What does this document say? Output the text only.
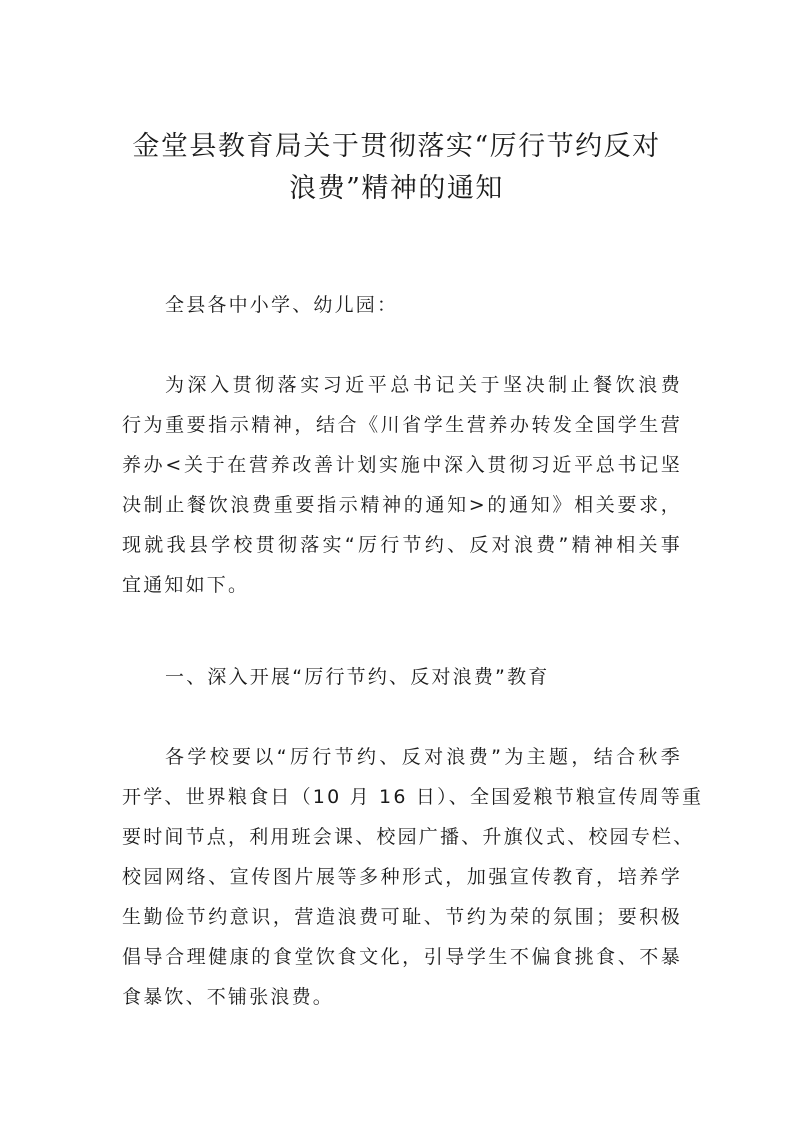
金堂县教育局关于贯彻落实“厉行节约反对
浪费”精神的通知
全县各中小学、幼儿园：
为深入贯彻落实习近平总书记关于坚决制止餐饮浪费
行为重要指示精神，结合《川省学生营养办转发全国学生营
养办<关于在营养改善计划实施中深入贯彻习近平总书记坚
决制止餐饮浪费重要指示精神的通知>的通知》相关要求，
现就我县学校贯彻落实“厉行节约、反对浪费”精神相关事
宜通知如下。
一、深入开展“厉行节约、反对浪费”教育
各学校要以“厉行节约、反对浪费”为主题，结合秋季
开学、世界粮食日（10 月 16 日）、全国爱粮节粮宣传周等重
要时间节点，利用班会课、校园广播、升旗仪式、校园专栏、
校园网络、宣传图片展等多种形式，加强宣传教育，培养学
生勤俭节约意识，营造浪费可耻、节约为荣的氛围；要积极
倡导合理健康的食堂饮食文化，引导学生不偏食挑食、不暴
食暴饮、不铺张浪费。
